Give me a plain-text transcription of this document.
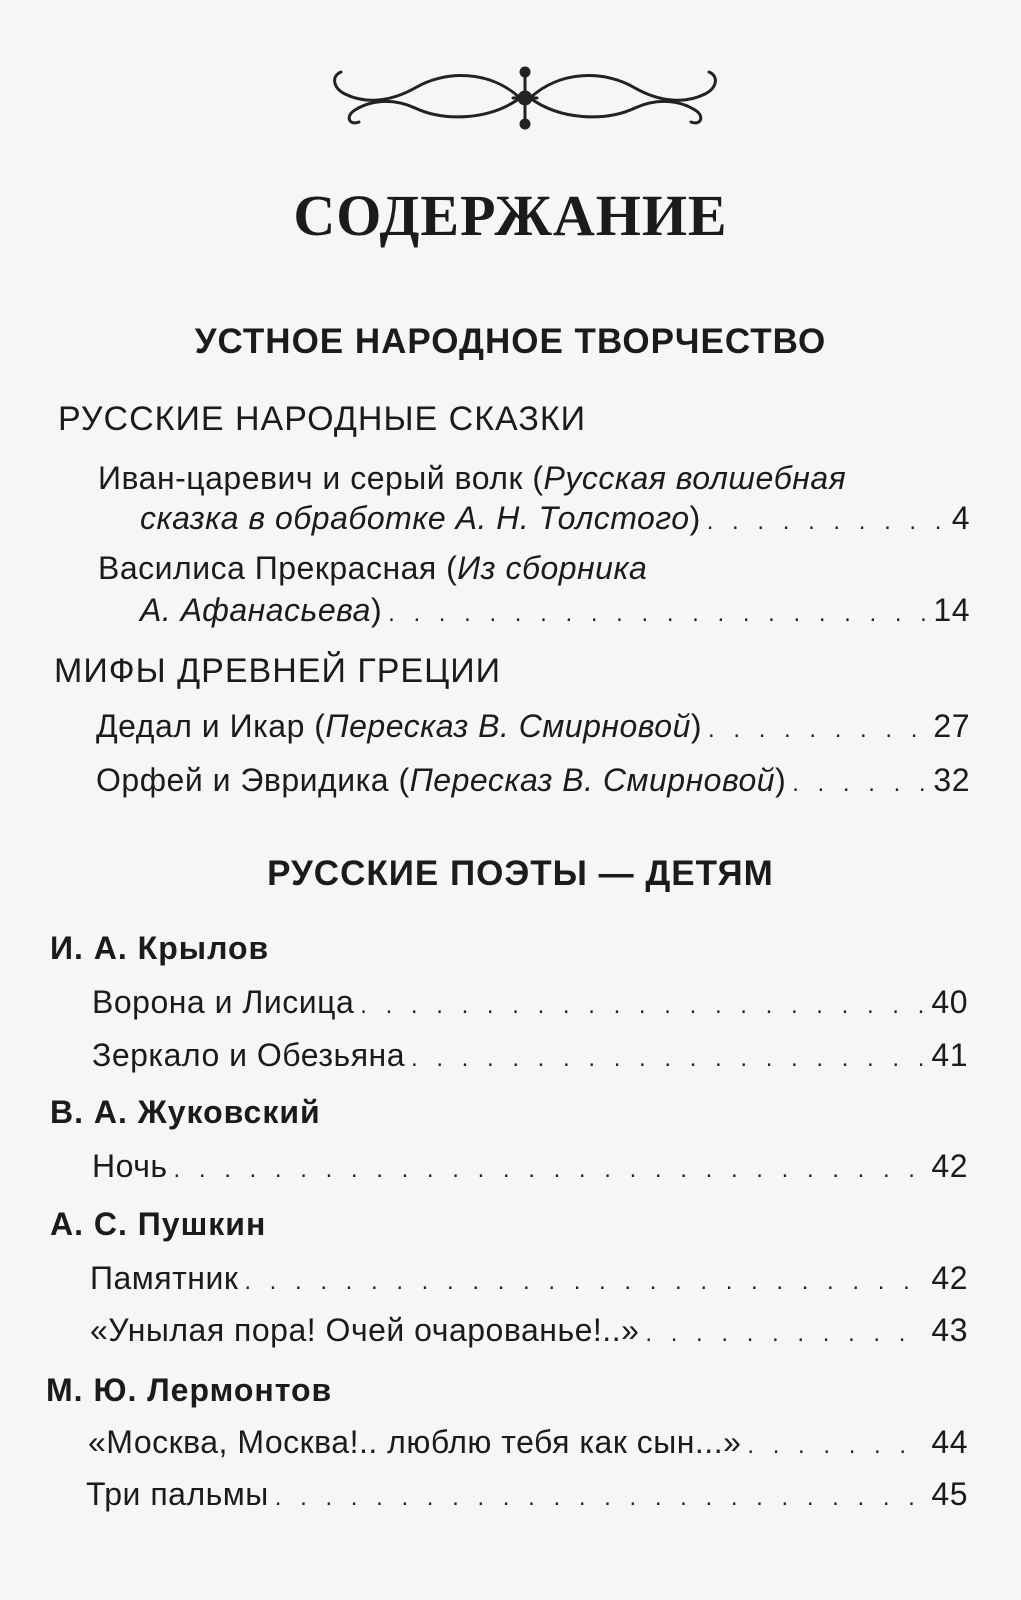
СОДЕРЖАНИЕ
УСТНОЕ НАРОДНОЕ ТВОРЧЕСТВО
РУССКИЕ НАРОДНЫЕ СКАЗКИ
Иван-царевич и серый волк (Русская волшебная
сказка в обработке А. Н. Толстого) . . .	4
Василиса Прекрасная (Из сборника
А. Афанасьева) . . .	14
МИФЫ ДРЕВНЕЙ ГРЕЦИИ
Дедал и Икар (Пересказ В. Смирновой) . . .	27
Орфей и Эвридика (Пересказ В. Смирновой) . . .	32
РУССКИЕ ПОЭТЫ — ДЕТЯМ
И. А. Крылов
Ворона и Лисица . . .	40
Зеркало и Обезьяна . . .	41
В. А. Жуковский
Ночь . . .	42
А. С. Пушкин
Памятник . . .	42
«Унылая пора! Очей очарованье!..» . . .	43
М. Ю. Лермонтов
«Москва, Москва!.. люблю тебя как сын...» . . .	44
Три пальмы . . .	45
